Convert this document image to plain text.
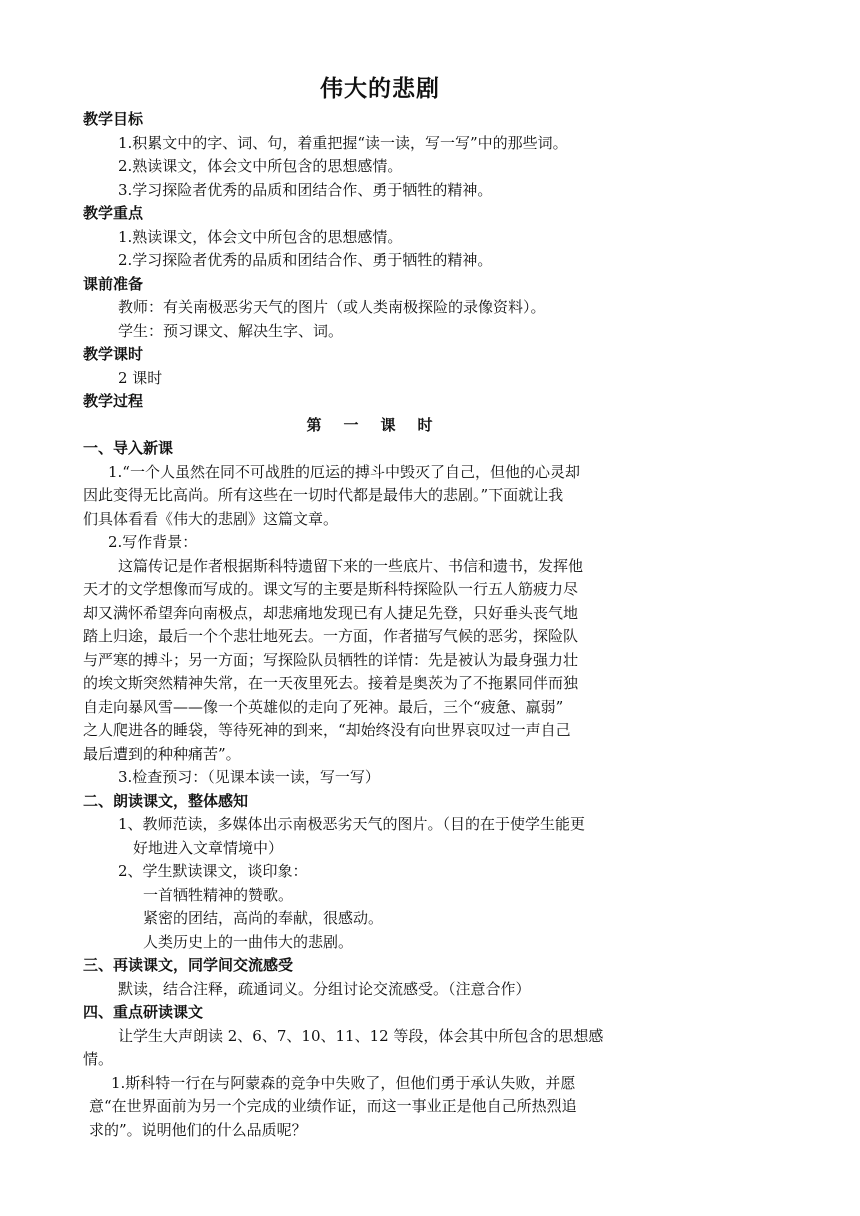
伟大的悲剧
教学目标
1.积累文中的字、词、句，着重把握“读一读，写一写”中的那些词。
2.熟读课文，体会文中所包含的思想感情。
3.学习探险者优秀的品质和团结合作、勇于牺牲的精神。
教学重点
1.熟读课文，体会文中所包含的思想感情。
2.学习探险者优秀的品质和团结合作、勇于牺牲的精神。
课前准备
教师：有关南极恶劣天气的图片（或人类南极探险的录像资料）。
学生：预习课文、解决生字、词。
教学课时
2 课时
教学过程
第 一 课 时
一、导入新课
1.“一个人虽然在同不可战胜的厄运的搏斗中毁灭了自己，但他的心灵却
因此变得无比高尚。所有这些在一切时代都是最伟大的悲剧。”下面就让我
们具体看看《伟大的悲剧》这篇文章。
2.写作背景：
这篇传记是作者根据斯科特遗留下来的一些底片、书信和遗书，发挥他
天才的文学想像而写成的。课文写的主要是斯科特探险队一行五人筋疲力尽
却又满怀希望奔向南极点，却悲痛地发现已有人捷足先登，只好垂头丧气地
踏上归途，最后一个个悲壮地死去。一方面，作者描写气候的恶劣，探险队
与严寒的搏斗；另一方面；写探险队员牺牲的详情：先是被认为最身强力壮
的埃文斯突然精神失常，在一天夜里死去。接着是奥茨为了不拖累同伴而独
自走向暴风雪——像一个英雄似的走向了死神。最后，三个“疲惫、羸弱”
之人爬进各的睡袋，等待死神的到来，“却始终没有向世界哀叹过一声自己
最后遭到的种种痛苦”。
3.检查预习：（见课本读一读，写一写）
二、朗读课文，整体感知
1、教师范读，多媒体出示南极恶劣天气的图片。（目的在于使学生能更
好地进入文章情境中）
2、学生默读课文，谈印象：
一首牺牲精神的赞歌。
紧密的团结，高尚的奉献，很感动。
人类历史上的一曲伟大的悲剧。
三、再读课文，同学间交流感受
默读，结合注释，疏通词义。分组讨论交流感受。（注意合作）
四、重点研读课文
让学生大声朗读 2、6、7、10、11、12 等段，体会其中所包含的思想感
情。
1.斯科特一行在与阿蒙森的竞争中失败了，但他们勇于承认失败，并愿
意“在世界面前为另一个完成的业绩作证，而这一事业正是他自己所热烈追
求的”。说明他们的什么品质呢？
